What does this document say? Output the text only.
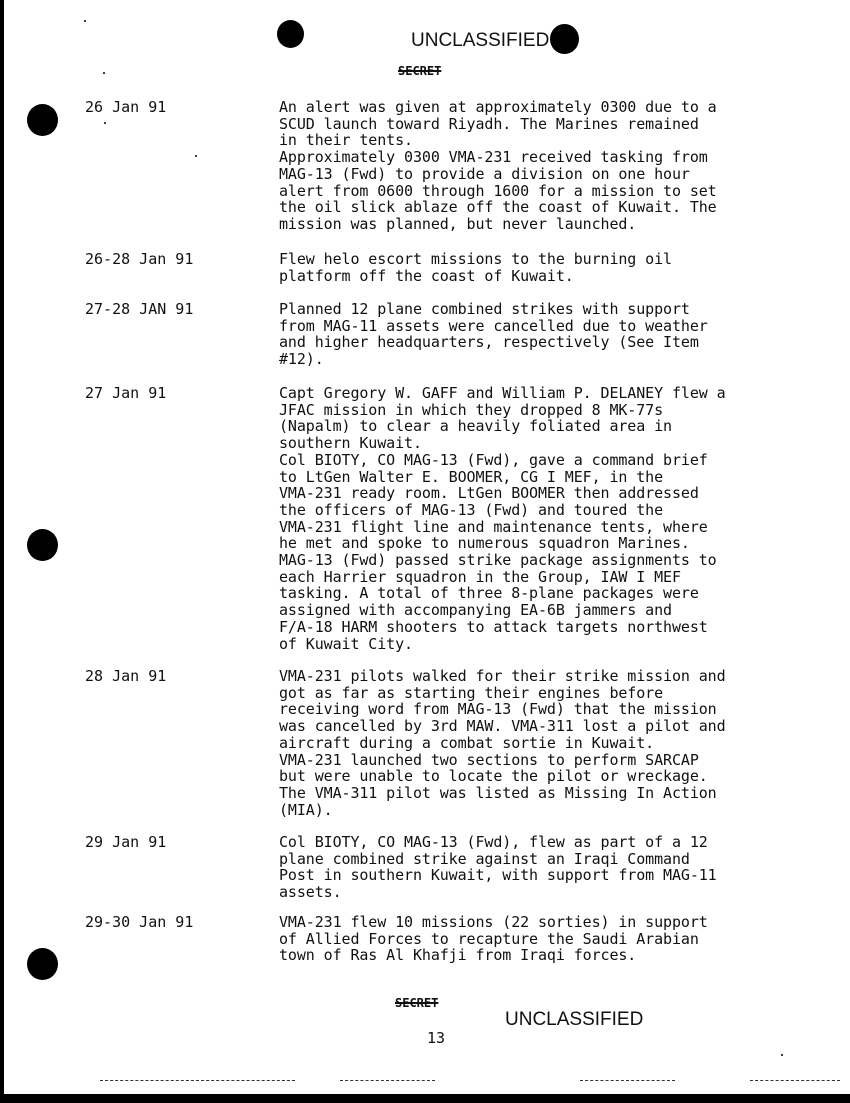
UNCLASSIFIED
SECRET
26 Jan 91	An alert was given at approximately 0300 due to a
SCUD launch toward Riyadh. The Marines remained
in their tents.
Approximately 0300 VMA-231 received tasking from
MAG-13 (Fwd) to provide a division on one hour
alert from 0600 through 1600 for a mission to set
the oil slick ablaze off the coast of Kuwait. The
mission was planned, but never launched.
26-28 Jan 91	Flew helo escort missions to the burning oil
platform off the coast of Kuwait.
27-28 JAN 91	Planned 12 plane combined strikes with support
from MAG-11 assets were cancelled due to weather
and higher headquarters, respectively (See Item
#12).
27 Jan 91	Capt Gregory W. GAFF and William P. DELANEY flew a
JFAC mission in which they dropped 8 MK-77s
(Napalm) to clear a heavily foliated area in
southern Kuwait.
Col BIOTY, CO MAG-13 (Fwd), gave a command brief
to LtGen Walter E. BOOMER, CG I MEF, in the
VMA-231 ready room. LtGen BOOMER then addressed
the officers of MAG-13 (Fwd) and toured the
VMA-231 flight line and maintenance tents, where
he met and spoke to numerous squadron Marines.
MAG-13 (Fwd) passed strike package assignments to
each Harrier squadron in the Group, IAW I MEF
tasking. A total of three 8-plane packages were
assigned with accompanying EA-6B jammers and
F/A-18 HARM shooters to attack targets northwest
of Kuwait City.
28 Jan 91	VMA-231 pilots walked for their strike mission and
got as far as starting their engines before
receiving word from MAG-13 (Fwd) that the mission
was cancelled by 3rd MAW. VMA-311 lost a pilot and
aircraft during a combat sortie in Kuwait.
VMA-231 launched two sections to perform SARCAP
but were unable to locate the pilot or wreckage.
The VMA-311 pilot was listed as Missing In Action
(MIA).
29 Jan 91	Col BIOTY, CO MAG-13 (Fwd), flew as part of a 12
plane combined strike against an Iraqi Command
Post in southern Kuwait, with support from MAG-11
assets.
29-30 Jan 91	VMA-231 flew 10 missions (22 sorties) in support
of Allied Forces to recapture the Saudi Arabian
town of Ras Al Khafji from Iraqi forces.
SECRET
UNCLASSIFIED
13
